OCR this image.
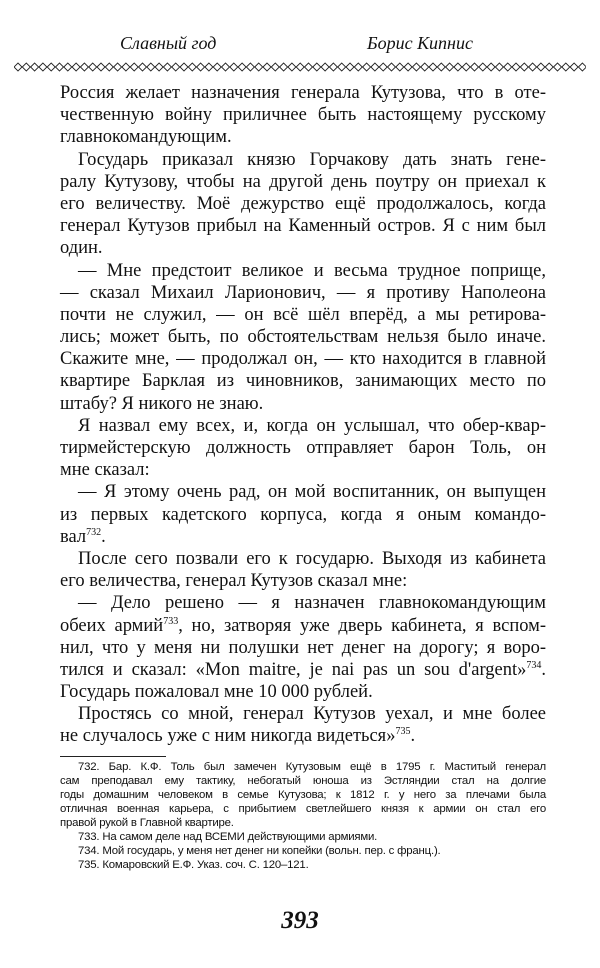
Славный год	Борис Кипнис
Россия желает назначения генерала Кутузова, что в оте-
чественную войну приличнее быть настоящему русскому
главнокомандующим.
Государь приказал князю Горчакову дать знать гене-
ралу Кутузову, чтобы на другой день поутру он приехал к
его величеству. Моё дежурство ещё продолжалось, когда
генерал Кутузов прибыл на Каменный остров. Я с ним был
один.
— Мне предстоит великое и весьма трудное поприще,
— сказал Михаил Ларионович, — я противу Наполеона
почти не служил, — он всё шёл вперёд, а мы ретирова-
лись; может быть, по обстоятельствам нельзя было иначе.
Скажите мне, — продолжал он, — кто находится в главной
квартире Барклая из чиновников, занимающих место по
штабу? Я никого не знаю.
Я назвал ему всех, и, когда он услышал, что обер-квар-
тирмейстерскую должность отправляет барон Толь, он
мне сказал:
— Я этому очень рад, он мой воспитанник, он выпущен
из первых кадетского корпуса, когда я оным командо-
вал$^{732}$.
После сего позвали его к государю. Выходя из кабинета
его величества, генерал Кутузов сказал мне:
— Дело решено — я назначен главнокомандующим
обеих армий$^{733}$, но, затворяя уже дверь кабинета, я вспом-
нил, что у меня ни полушки нет денег на дорогу; я воро-
тился и сказал: «Mon maitre, je nai pas un sou d'argent»$^{734}$.
Государь пожаловал мне 10 000 рублей.
Простясь со мной, генерал Кутузов уехал, и мне более
не случалось уже с ним никогда видеться»$^{735}$.
732. Бар. К.Ф. Толь был замечен Кутузовым ещё в 1795 г. Маститый генерал
сам преподавал ему тактику, небогатый юноша из Эстляндии стал на долгие
годы домашним человеком в семье Кутузова; к 1812 г. у него за плечами была
отличная военная карьера, с прибытием светлейшего князя к армии он стал его
правой рукой в Главной квартире.
733. На самом деле над ВСЕМИ действующими армиями.
734. Мой государь, у меня нет денег ни копейки (вольн. пер. с франц.).
735. Комаровский Е.Ф. Указ. соч. С. 120–121.
393
